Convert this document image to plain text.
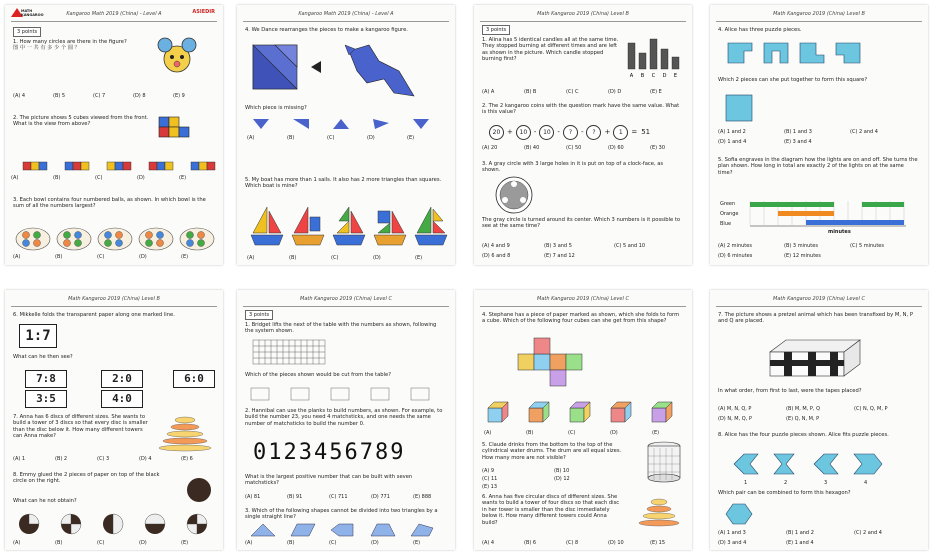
MATH KANGAROO	Kangaroo Math 2019 (China) - Level A	ASIEDIR
3 points
1. How many circles are there in the figure?
图 中 一 共 有 多 少 个 圆 ？
(A) 4	(B) 5	(C) 7	(D) 8	(E) 9
2. The picture shows 5 cubes viewed from the front.
What is the view from above?
(A)	(B)	(C)	(D)	(E)
3. Each bowl contains four numbered balls, as shown. In which bowl is the sum of all the numbers largest?
(A)	(B)	(C)	(D)	(E)
Kangaroo Math 2019 (China) - Level A
4. We Dance rearranges the pieces to make a kangaroo figure.
Which piece is missing?
(A)	(B)	(C)	(D)	(E)
5. My boat has more than 1 sails. It also has 2 more triangles than squares. Which boat is mine?
(A)	(B)	(C)	(D)	(E)
Math Kangaroo 2019 (China) Level B
3 points
1. Alina has 5 identical candles all at the same time. They stopped burning at different times and are left as shown in the picture. Which candle stopped burning first?
A B C D E
(A) A	(B) B	(C) C	(D) D	(E) E
2. The 2 kangaroo coins with the question mark have the same value. What is this value?
20 + 10 - 10 - ? - ? + 1 = 51
(A) 20	(B) 40	(C) 50	(D) 60	(E) 30
3. A gray circle with 3 large holes in it is put on top of a clock-face, as shown.
The gray circle is turned around its center. Which 3 numbers is it possible to see at the same time?
(A) 4 and 9	(B) 3 and 5	(C) 5 and 10
(D) 6 and 8	(E) 7 and 12
Math Kangaroo 2019 (China) Level B
4. Alice has three puzzle pieces.
Which 2 pieces can she put together to form this square?
(A) 1 and 2	(B) 1 and 3	(C) 2 and 4
(D) 1 and 4	(E) 3 and 4
5. Sofia engraves in the diagram how the lights are on and off. She turns the plan shown. How long in total are exactly 2 of the lights on at the same time?
Green
Orange
Blue
minutes
(A) 2 minutes	(B) 3 minutes	(C) 5 minutes
(D) 6 minutes	(E) 12 minutes
Math Kangaroo 2019 (China) Level B
6. Mikkelle folds the transparent paper along one marked line.
1:7
What can he then see?
7:8	2:0	6:0
3:5	4:0
7. Anna has 6 discs of different sizes. She wants to build a tower of 3 discs so that every disc is smaller than the disc below it. How many different towers can Anna make?
(A) 1	(B) 2	(C) 3	(D) 4	(E) 6
8. Emmy glued the 2 pieces of paper on top of the black circle on the right.
What can he not obtain?
(A)	(B)	(C)	(D)	(E)
Math Kangaroo 2019 (China) Level C
3 points
1. Bridget lifts the next of the table with the numbers as shown, following the system shown.
Which of the pieces shown would be cut from the table?
2. Hannibal can use the planks to build numbers, as shown. For example, to build the number 23, you need 4 matchsticks, and one needs the same number of matchsticks to build the number 0.
0123456789
What is the largest positive number that can be built with seven matchsticks?
(A) 81	(B) 91	(C) 711	(D) 771	(E) 888
3. Which of the following shapes cannot be divided into two triangles by a single straight line?
(A)	(B)	(C)	(D)	(E)
Math Kangaroo 2019 (China) Level C
4. Stephane has a piece of paper marked as shown, which she folds to form a cube. Which of the following four cubes can she get from this shape?
(A)	(B)	(C)	(D)	(E)
5. Claude drinks from the bottom to the top of the cylindrical water drums. The drum are all equal sizes. How many more are not visible?
(A) 9	(B) 10
(C) 11	(D) 12
(E) 13
6. Anna has five circular discs of different sizes. She wants to build a tower of four discs so that each disc in her tower is smaller than the disc immediately below it. How many different towers could Anna build?
(A) 4	(B) 6	(C) 8	(D) 10	(E) 15
Math Kangaroo 2019 (China) Level C
7. The picture shows a pretzel animal which has been transfixed by M, N, P and Q are placed.
In what order, from first to last, were the tapes placed?
(A) M, N, Q, P	(B) M, M, P, Q	(C) N, Q, M, P
(D) N, M, Q, P	(E) Q, N, M, P
8. Alice has the four puzzle pieces shown. Alice fits puzzle pieces.
1	2	3	4
Which pair can be combined to form this hexagon?
(A) 1 and 3	(B) 1 and 2	(C) 2 and 4
(D) 3 and 4	(E) 1 and 4
